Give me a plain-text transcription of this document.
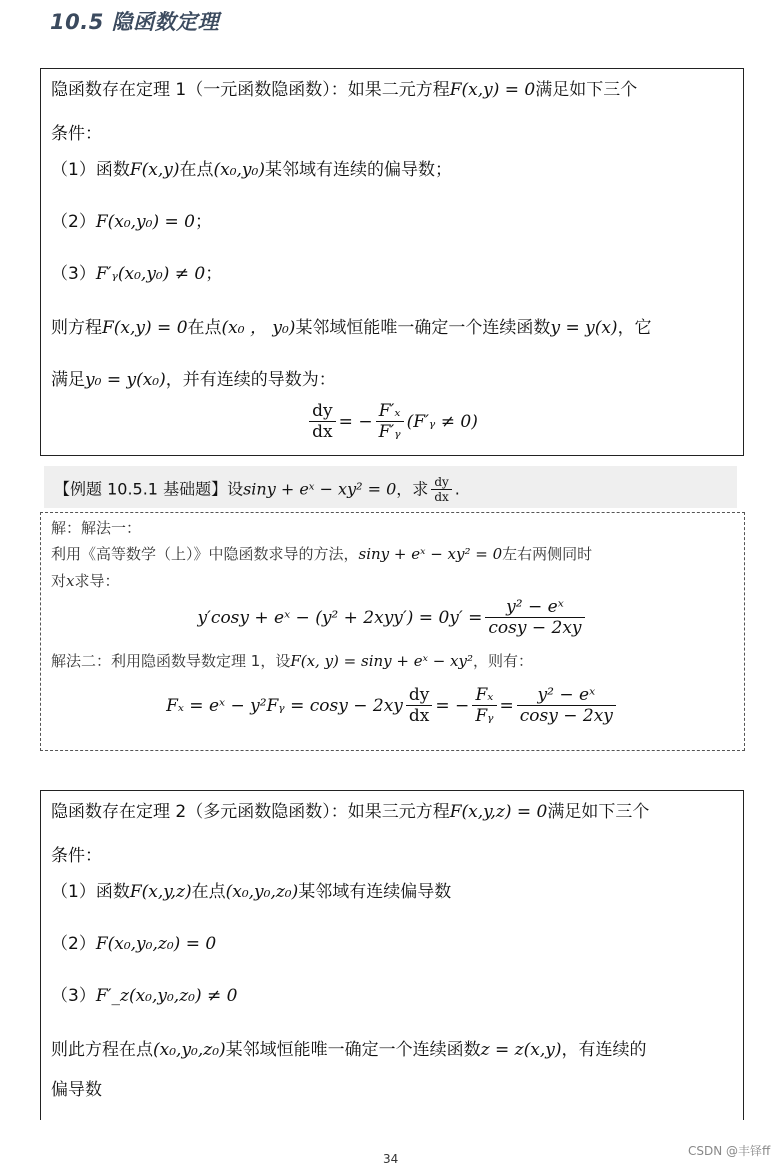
10.5 隐函数定理
隐函数存在定理 1（一元函数隐函数）：如果二元方程F(x,y) = 0满足如下三个
条件：
（1）函数F(x,y)在点(x₀,y₀)某邻域有连续的偏导数；
（2）F(x₀,y₀) = 0；
（3）F′ᵧ(x₀,y₀) ≠ 0；
则方程F(x,y) = 0在点(x₀ ， y₀)某邻域恒能唯一确定一个连续函数y = y(x)，它
满足y₀ = y(x₀)，并有连续的导数为：
$\frac{dy}{dx}$ = − $\frac{\text{F′ₓ}}{\text{F′ᵧ}}$ (F′ᵧ ≠ 0)
【例题 10.5.1 基础题】设siny + eˣ − xy² = 0，求 $\frac{dy}{dx}$ .
解：解法一：
利用《高等数学（上）》中隐函数求导的方法，siny + eˣ − xy² = 0左右两侧同时
对x求导：
y′cosy + eˣ − $(y^2 + 2xyy') = 0y' = \frac{\text{y² − eˣ}}{\cos y - 2xy}$
解法二：利用隐函数导数定理 1，设F(x, y) = siny + eˣ − xy²，则有：
Fₓ = eˣ − y²Fᵧ = $\cos y - 2xy \frac{dy}{dx}$ = − $\frac{\text{Fₓ}}{\text{Fᵧ}} = \frac{\text{y² − eˣ}}{\cos y - 2xy}$
隐函数存在定理 2（多元函数隐函数）：如果三元方程F(x,y,z) = 0满足如下三个
条件：
（1）函数F(x,y,z)在点(x₀,y₀,z₀)某邻域有连续偏导数
（2）F(x₀,y₀,z₀) = 0
（3）F′_z(x₀,y₀,z₀) ≠ 0
则此方程在点(x₀,y₀,z₀)某邻域恒能唯一确定一个连续函数z = z(x,y)，有连续的
偏导数
34
CSDN @丰铎ff
